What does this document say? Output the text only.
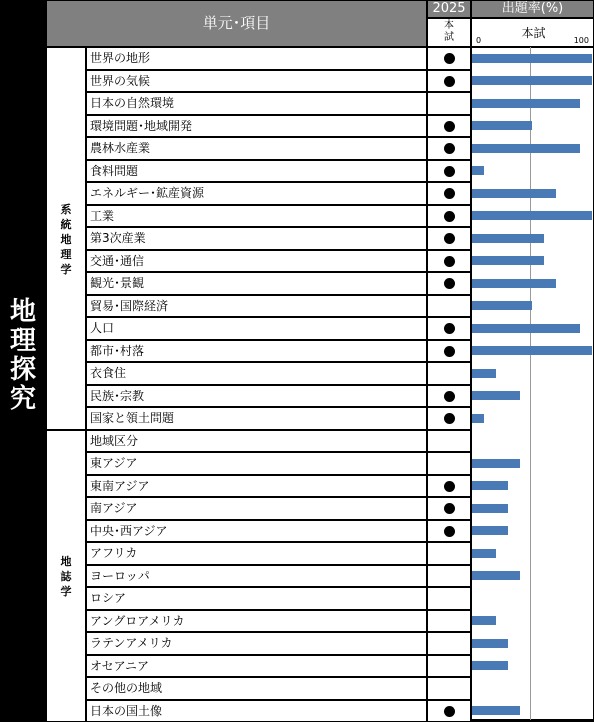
地
理
探
究
単元･項目
2025	出題率(%)
本
試	0
本試
100
世界の地形
世界の気候
日本の自然環境
環境問題･地域開発
農林水産業
食料問題
エネルギー･鉱産資源
工業
第3次産業
交通･通信
観光･景観
貿易･国際経済
人口
都市･村落
衣食住
民族･宗教
国家と領土問題
地域区分
東アジア
東南アジア
南アジア
中央･西アジア
アフリカ
ヨーロッパ
ロシア
アングロアメリカ
ラテンアメリカ
オセアニア
その他の地域
日本の国土像
系
統
地
理
学
地
誌
学
